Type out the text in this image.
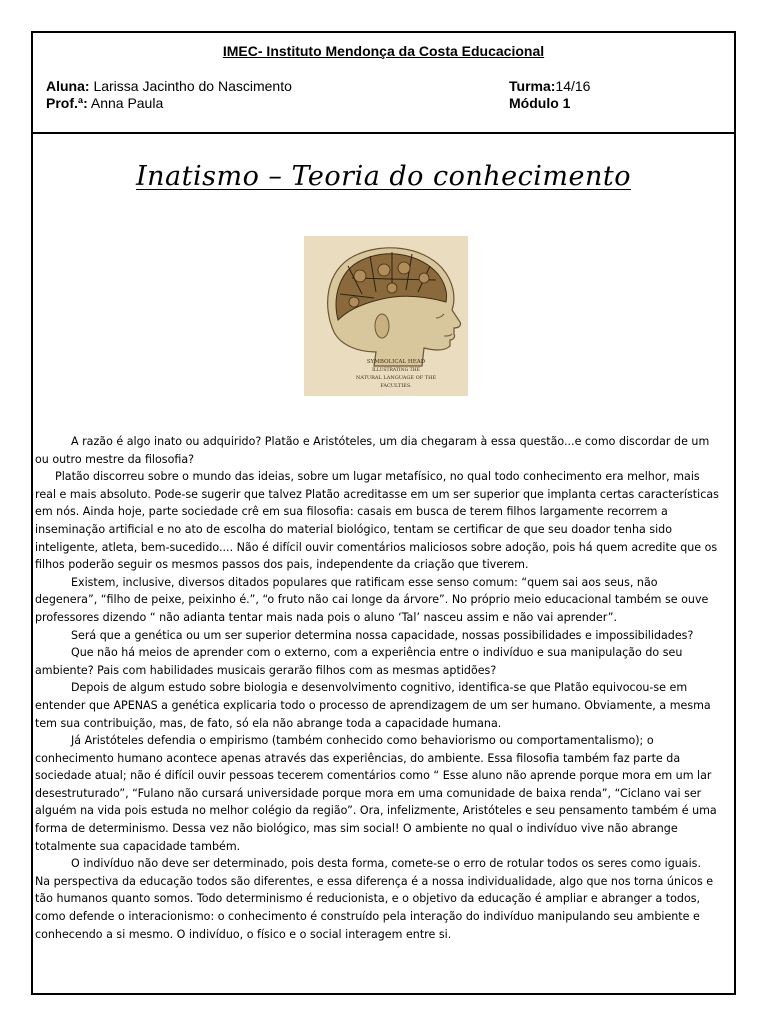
IMEC- Instituto Mendonça da Costa Educacional
Aluna: Larissa Jacintho do Nascimento
Prof.ª: Anna Paula
Turma:14/16
Módulo 1
Inatismo – Teoria do conhecimento
SYMBOLICAL HEAD
ILLUSTRATING THE
NATURAL LANGUAGE OF THE
FACULTIES.

A razão é algo inato ou adquirido? Platão e Aristóteles, um dia chegaram à essa questão...e como discordar de um ou outro mestre da filosofia?

Platão discorreu sobre o mundo das ideias, sobre um lugar metafísico, no qual todo conhecimento era melhor, mais real e mais absoluto. Pode-se sugerir que talvez Platão acreditasse em um ser superior que implanta certas características em nós. Ainda hoje, parte sociedade crê em sua filosofia: casais em busca de terem filhos largamente recorrem a inseminação artificial e no ato de escolha do material biológico, tentam se certificar de que seu doador tenha sido inteligente, atleta, bem-sucedido.... Não é difícil ouvir comentários maliciosos sobre adoção, pois há quem acredite que os filhos poderão seguir os mesmos passos dos pais, independente da criação que tiverem.

Existem, inclusive, diversos ditados populares que ratificam esse senso comum: “quem sai aos seus, não degenera”, “filho de peixe, peixinho é.”, “o fruto não cai longe da árvore”. No próprio meio educacional também se ouve professores dizendo “ não adianta tentar mais nada pois o aluno ‘Tal’ nasceu assim e não vai aprender”.

Será que a genética ou um ser superior determina nossa capacidade, nossas possibilidades e impossibilidades?

Que não há meios de aprender com o externo, com a experiência entre o indivíduo e sua manipulação do seu ambiente? Pais com habilidades musicais gerarão filhos com as mesmas aptidões?

Depois de algum estudo sobre biologia e desenvolvimento cognitivo, identifica-se que Platão equivocou-se em entender que APENAS a genética explicaria todo o processo de aprendizagem de um ser humano. Obviamente, a mesma tem sua contribuição, mas, de fato, só ela não abrange toda a capacidade humana.

Já Aristóteles defendia o empirismo (também conhecido como behaviorismo ou comportamentalismo); o conhecimento humano acontece apenas através das experiências, do ambiente. Essa filosofia também faz parte da sociedade atual; não é difícil ouvir pessoas tecerem comentários como “ Esse aluno não aprende porque mora em um lar desestruturado”, “Fulano não cursará universidade porque mora em uma comunidade de baixa renda”, “Ciclano vai ser alguém na vida pois estuda no melhor colégio da região”. Ora, infelizmente, Aristóteles e seu pensamento também é uma forma de determinismo. Dessa vez não biológico, mas sim social! O ambiente no qual o indivíduo vive não abrange totalmente sua capacidade também.

O indivíduo não deve ser determinado, pois desta forma, comete-se o erro de rotular todos os seres como iguais. Na perspectiva da educação todos são diferentes, e essa diferença é a nossa individualidade, algo que nos torna únicos e tão humanos quanto somos. Todo determinismo é reducionista, e o objetivo da educação é ampliar e abranger a todos, como defende o interacionismo: o conhecimento é construído pela interação do indivíduo manipulando seu ambiente e conhecendo a si mesmo. O indivíduo, o físico e o social interagem entre si.
